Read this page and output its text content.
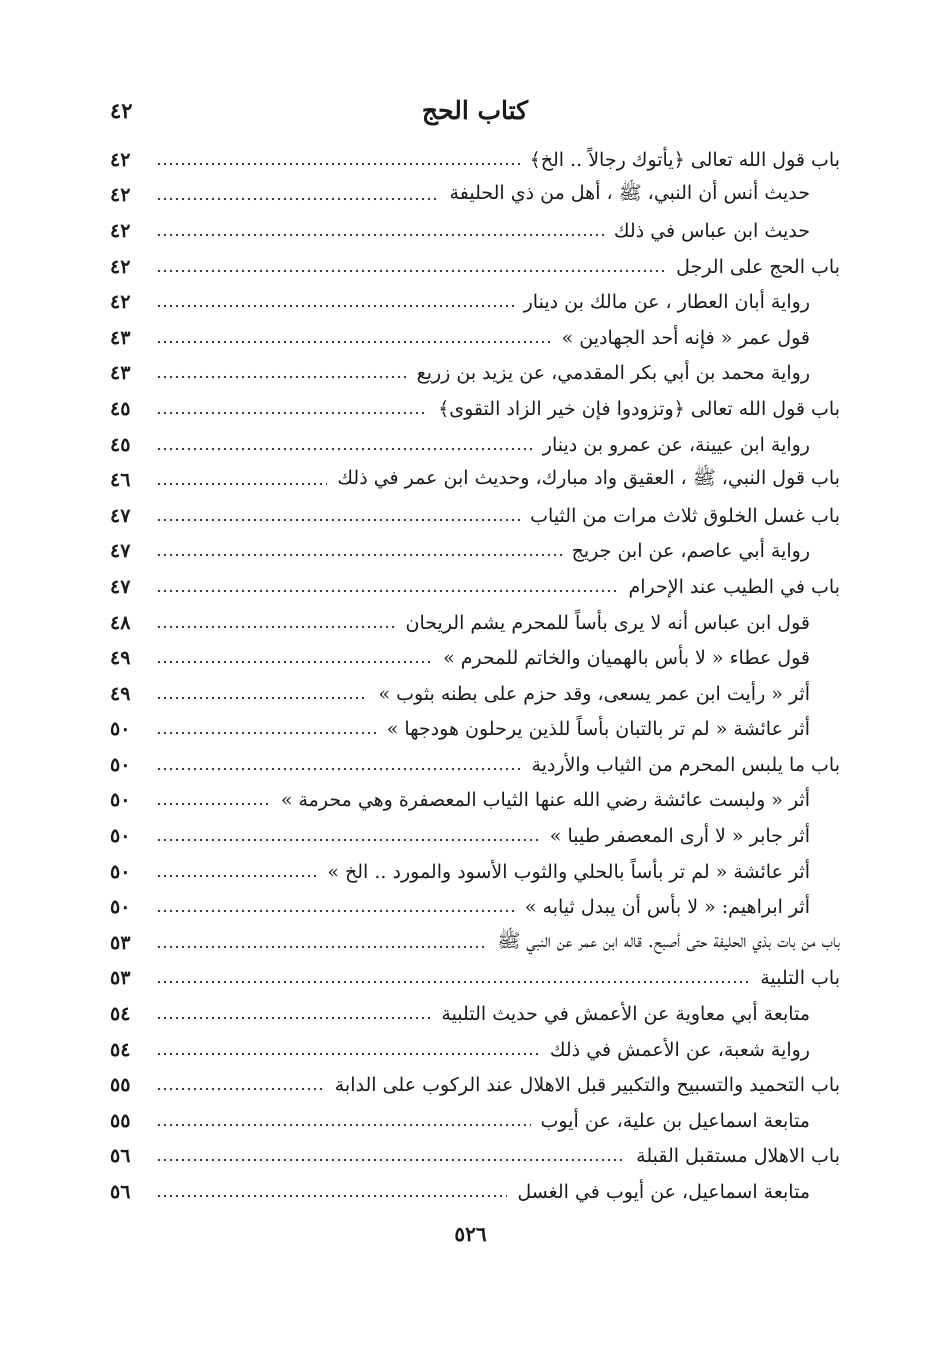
كتاب الحج
٤٢
باب قول الله تعالى ﴿يأتوك رجالاً .. الخ﴾
٤٢
حديث أنس أن النبي، ﷺ ، أهل من ذي الحليفة
٤٢
حديث ابن عباس في ذلك
٤٢
باب الحج على الرجل
٤٢
رواية أبان العطار ، عن مالك بن دينار
٤٢
قول عمر « فإنه أحد الجهادين »
٤٣
رواية محمد بن أبي بكر المقدمي، عن يزيد بن زريع
٤٣
باب قول الله تعالى ﴿وتزودوا فإن خير الزاد التقوى﴾
٤٥
رواية ابن عيينة، عن عمرو بن دينار
٤٥
باب قول النبي، ﷺ ، العقيق واد مبارك، وحديث ابن عمر في ذلك
٤٦
باب غسل الخلوق ثلاث مرات من الثياب
٤٧
رواية أبي عاصم، عن ابن جريج
٤٧
باب في الطيب عند الإحرام
٤٧
قول ابن عباس أنه لا يرى بأساً للمحرم يشم الريحان
٤٨
قول عطاء « لا بأس بالهميان والخاتم للمحرم »
٤٩
أثر « رأيت ابن عمر يسعى، وقد حزم على بطنه بثوب »
٤٩
أثر عائشة « لم تر بالتبان بأساً للذين يرحلون هودجها »
٥٠
باب ما يلبس المحرم من الثياب والأردية
٥٠
أثر « ولبست عائشة رضي الله عنها الثياب المعصفرة وهي محرمة »
٥٠
أثر جابر « لا أرى المعصفر طيبا »
٥٠
أثر عائشة « لم تر بأساً بالحلي والثوب الأسود والمورد .. الخ »
٥٠
أثر ابراهيم: « لا بأس أن يبدل ثيابه »
٥٠
باب من بات بذي الحليفة حتى أصبح. قاله ابن عمر عن النبي ﷺ
٥٣
باب التلبية
٥٣
متابعة أبي معاوية عن الأعمش في حديث التلبية
٥٤
رواية شعبة، عن الأعمش في ذلك
٥٤
باب التحميد والتسبيح والتكبير قبل الاهلال عند الركوب على الدابة
٥٥
متابعة اسماعيل بن علية، عن أيوب
٥٥
باب الاهلال مستقبل القبلة
٥٦
متابعة اسماعيل، عن أيوب في الغسل
٥٦
٥٢٦
